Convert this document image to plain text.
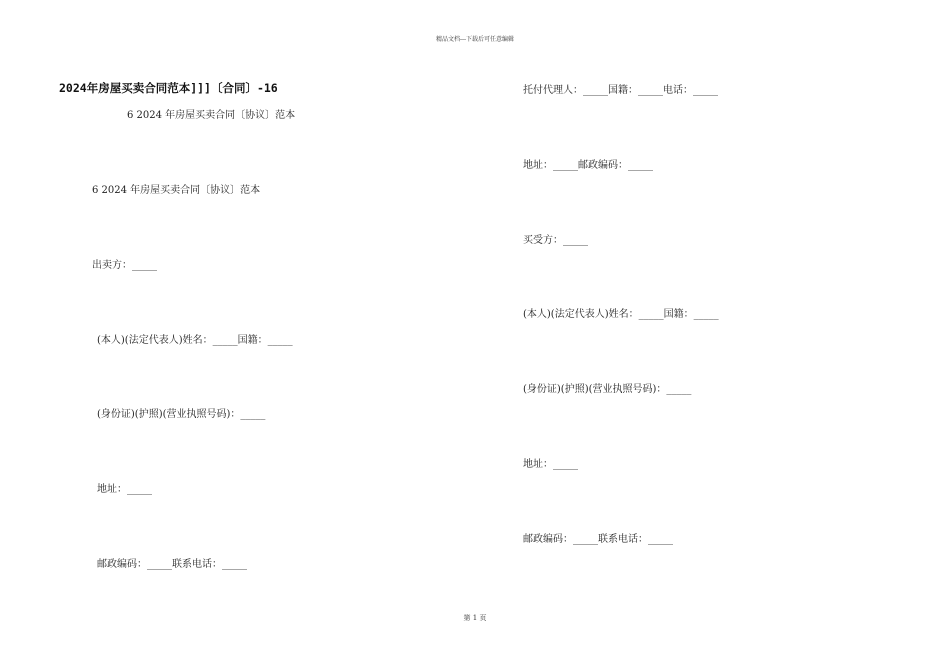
精品文档---下载后可任意编辑
2024年房屋买卖合同范本]]]〔合同〕-16
6 2024 年房屋买卖合同〔协议〕范本
6 2024 年房屋买卖合同〔协议〕范本
出卖方：_____
(本人)(法定代表人)姓名：_____国籍：_____
(身份证)(护照)(营业执照号码)：_____
地址：_____
邮政编码：_____联系电话：_____
托付代理人：_____国籍：_____电话：_____
地址：_____邮政编码：_____
买受方：_____
(本人)(法定代表人)姓名：_____国籍：_____
(身份证)(护照)(营业执照号码)：_____
地址：_____
邮政编码：_____联系电话：_____
第 1 页
